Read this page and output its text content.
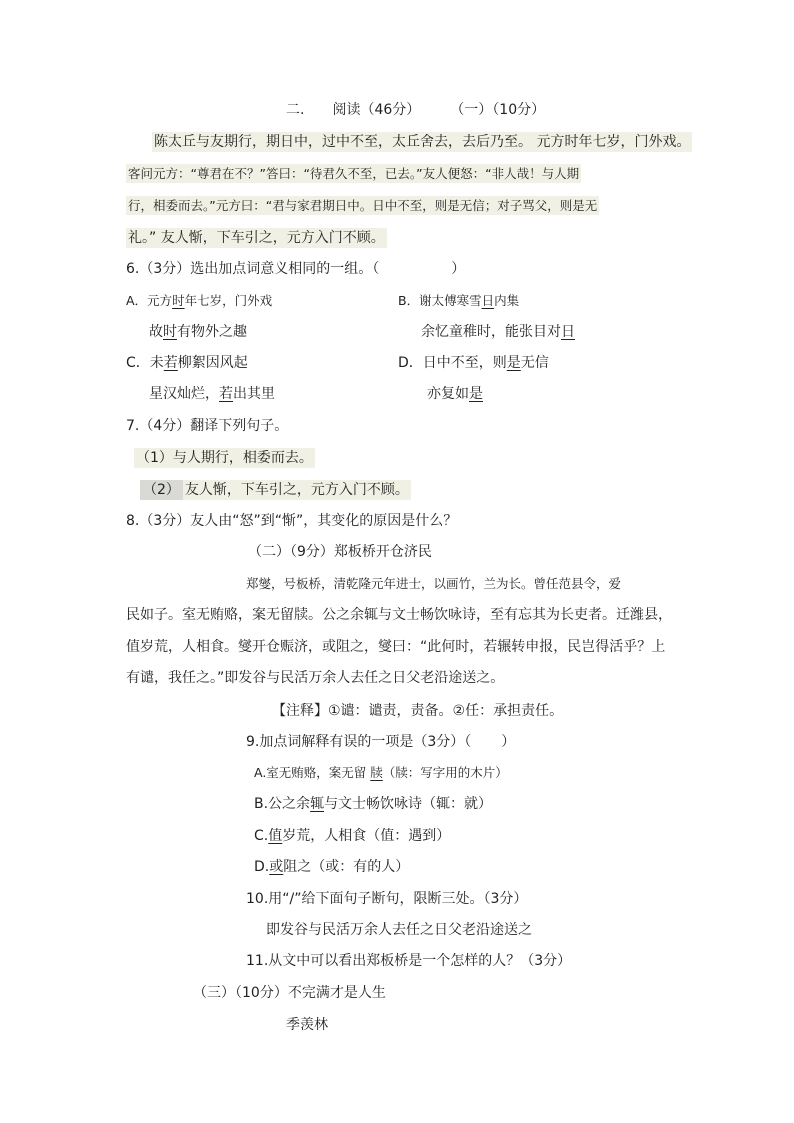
二. 阅读（46分） （一）（10分）
陈太丘与友期行，期日中，过中不至，太丘舍去，去后乃至。 元方时年七岁，门外戏。
客问元方：“尊君在不？”答曰：“待君久不至，已去。”友人便怒：“非人哉！与人期
行，相委而去。”元方曰：“君与家君期日中。日中不至，则是无信；对子骂父，则是无
礼。” 友人惭，下车引之，元方入门不顾。
6.（3分）选出加点词意义相同的一组。（	）
A．元方时年七岁，门外戏	B．谢太傅寒雪日内集
故时有物外之趣	余忆童稚时，能张目对日
C．未若柳絮因风起	D．日中不至，则是无信
星汉灿烂，若出其里	亦复如是
7.（4分）翻译下列句子。
（1）与人期行，相委而去。
（2） 友人惭，下车引之，元方入门不顾。
8.（3分）友人由“怒”到“惭”，其变化的原因是什么？
（二）（9分）郑板桥开仓济民
郑燮，号板桥，清乾隆元年进士，以画竹，兰为长。曾任范县令，爱
民如子。室无贿赂，案无留牍。公之余辄与文士畅饮咏诗，至有忘其为长吏者。迁潍县，
值岁荒，人相食。燮开仓赈济，或阻之，燮曰：“此何时，若辗转申报，民岂得活乎？上
有谴，我任之。”即发谷与民活万余人去任之日父老沿途送之。
【注释】①谴：谴责，责备。②任：承担责任。
9.加点词解释有误的一项是（3分）（ ）
A.室无贿赂，案无留 牍（牍：写字用的木片）
B.公之余辄与文士畅饮咏诗（辄：就）
C.值岁荒，人相食（值：遇到）
D.或阻之（或：有的人）
10.用“/”给下面句子断句，限断三处。（3分）
即发谷与民活万余人去任之日父老沿途送之
11.从文中可以看出郑板桥是一个怎样的人？（3分）
（三）（10分）不完满才是人生
季羡林
